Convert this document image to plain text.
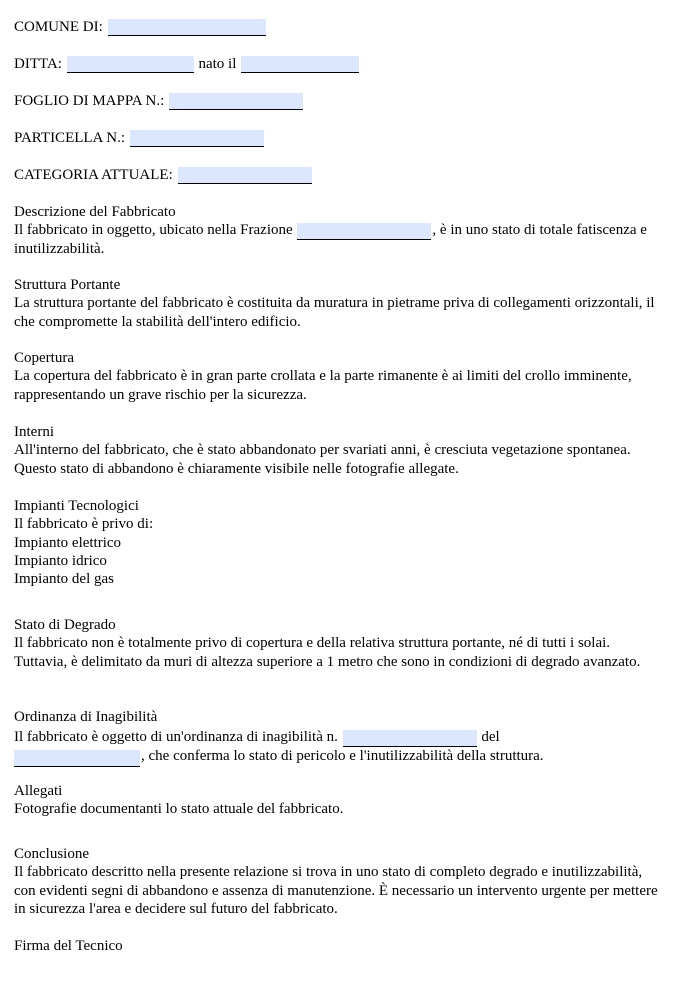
COMUNE DI:
DITTA:	nato il
FOGLIO DI MAPPA N.:
PARTICELLA N.:
CATEGORIA ATTUALE:

Descrizione del Fabbricato

Il fabbricato in oggetto, ubicato nella Frazione	, è in uno stato di totale fatiscenza e inutilizzabilità.

Struttura Portante

La struttura portante del fabbricato è costituita da muratura in pietrame priva di collegamenti orizzontali, il che compromette la stabilità dell'intero edificio.

Copertura

La copertura del fabbricato è in gran parte crollata e la parte rimanente è ai limiti del crollo imminente, rappresentando un grave rischio per la sicurezza.

Interni

All'interno del fabbricato, che è stato abbandonato per svariati anni, è cresciuta vegetazione spontanea. Questo stato di abbandono è chiaramente visibile nelle fotografie allegate.

Impianti Tecnologici

Il fabbricato è privo di:

Impianto elettrico

Impianto idrico

Impianto del gas

Stato di Degrado

Il fabbricato non è totalmente privo di copertura e della relativa struttura portante, né di tutti i solai. Tuttavia, è delimitato da muri di altezza superiore a 1 metro che sono in condizioni di degrado avanzato.

Ordinanza di Inagibilità

Il fabbricato è oggetto di un'ordinanza di inagibilità n.	del

, che conferma lo stato di pericolo e l'inutilizzabilità della struttura.

Allegati

Fotografie documentanti lo stato attuale del fabbricato.

Conclusione

Il fabbricato descritto nella presente relazione si trova in uno stato di completo degrado e inutilizzabilità, con evidenti segni di abbandono e assenza di manutenzione. È necessario un intervento urgente per mettere in sicurezza l'area e decidere sul futuro del fabbricato.

Firma del Tecnico
